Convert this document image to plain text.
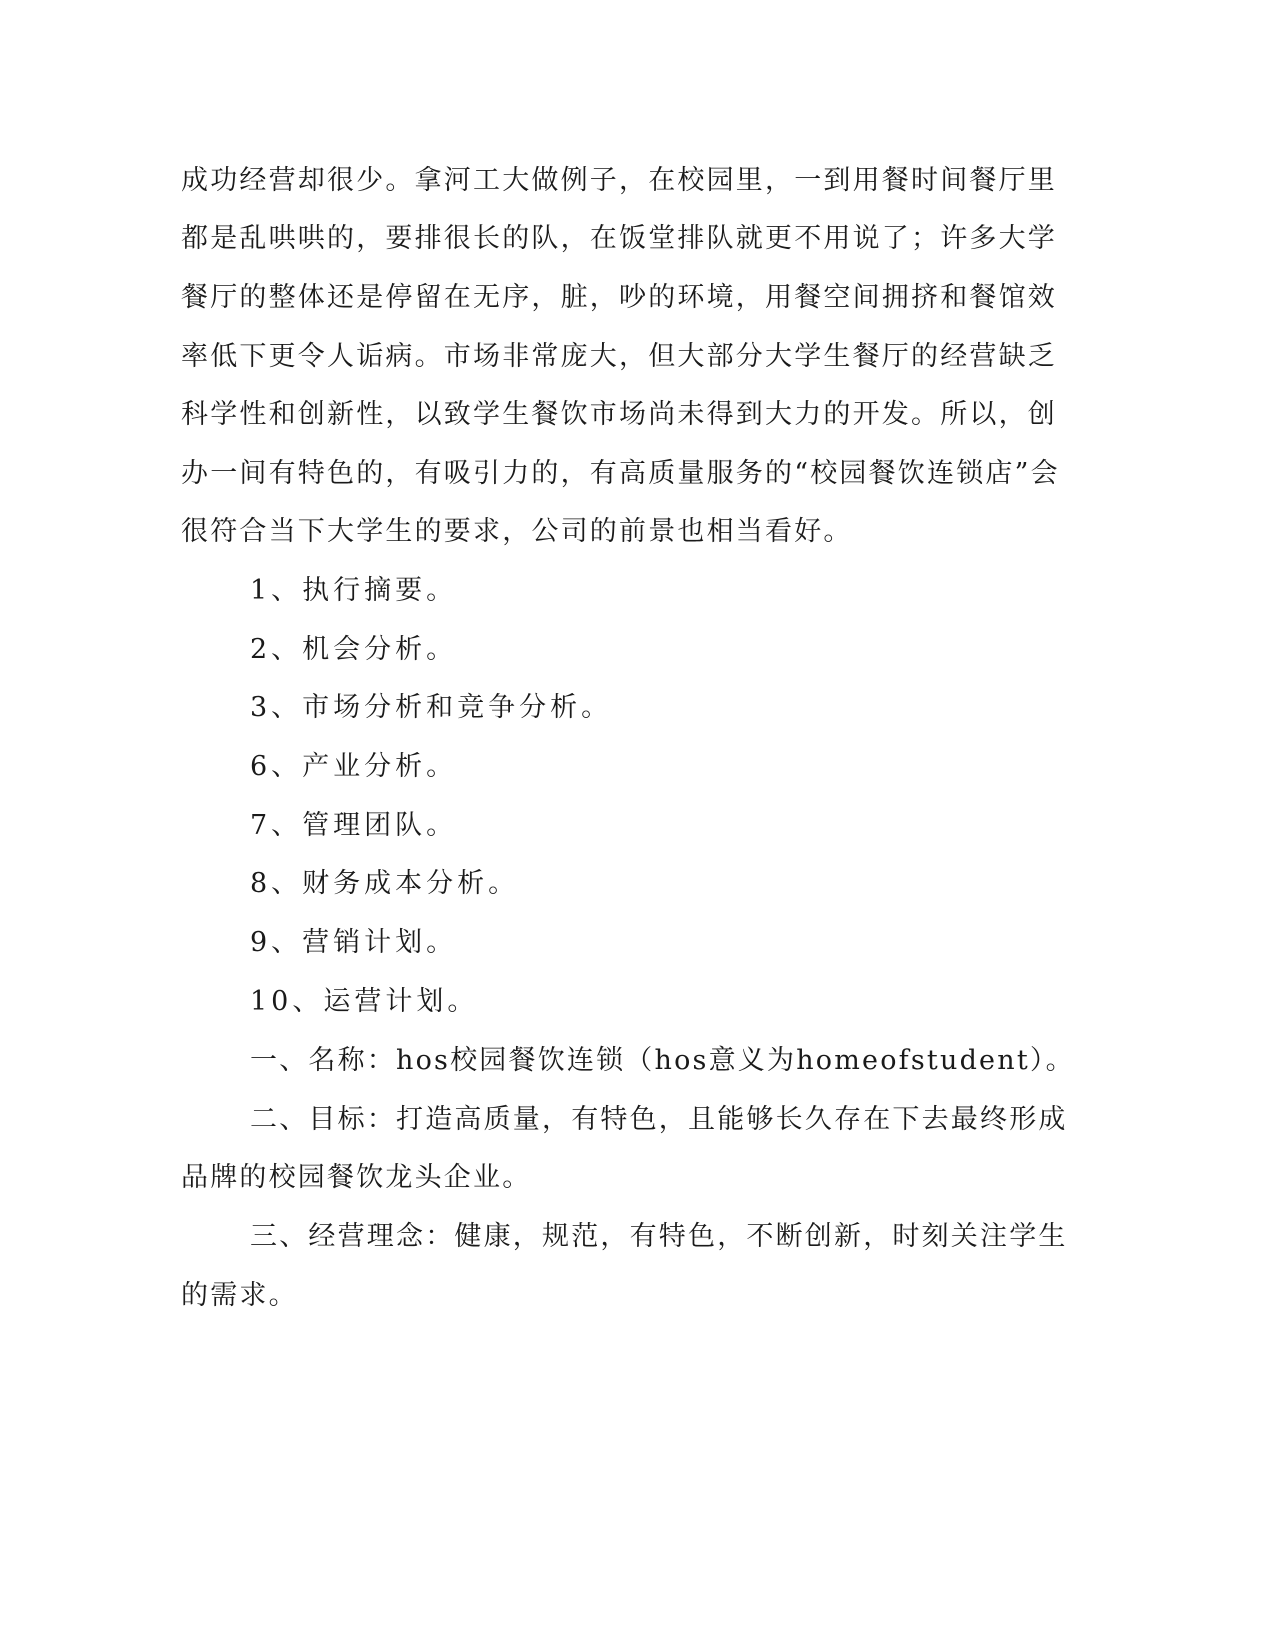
成功经营却很少。拿河工大做例子，在校园里，一到用餐时间餐厅里
都是乱哄哄的，要排很长的队，在饭堂排队就更不用说了；许多大学
餐厅的整体还是停留在无序，脏，吵的环境，用餐空间拥挤和餐馆效
率低下更令人诟病。市场非常庞大，但大部分大学生餐厅的经营缺乏
科学性和创新性，以致学生餐饮市场尚未得到大力的开发。所以，创
办一间有特色的，有吸引力的，有高质量服务的“校园餐饮连锁店”会
很符合当下大学生的要求，公司的前景也相当看好。
1、执行摘要。
2、机会分析。
3、市场分析和竞争分析。
6、产业分析。
7、管理团队。
8、财务成本分析。
9、营销计划。
10、运营计划。
一、名称：hos校园餐饮连锁（hos意义为homeofstudent）。
二、目标：打造高质量，有特色，且能够长久存在下去最终形成
品牌的校园餐饮龙头企业。
三、经营理念：健康，规范，有特色，不断创新，时刻关注学生
的需求。
